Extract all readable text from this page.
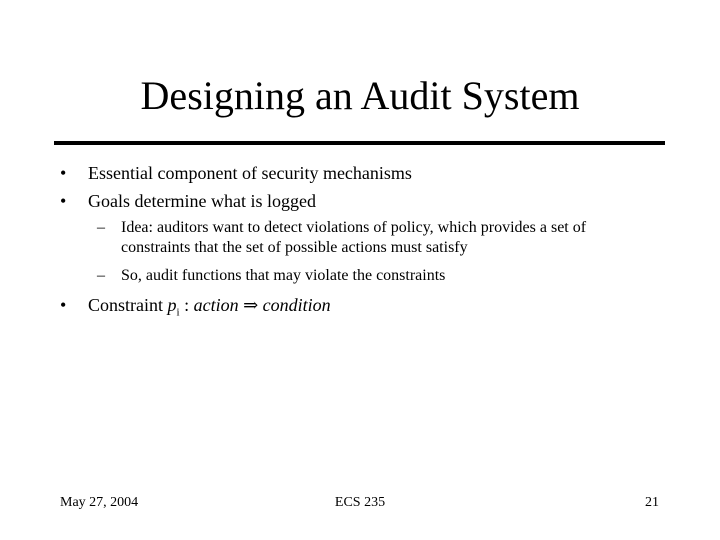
Designing an Audit System
• Essential component of security mechanisms
• Goals determine what is logged
– Idea: auditors want to detect violations of policy, which provides a set of constraints that the set of possible actions must satisfy
– So, audit functions that may violate the constraints
• Constraint $p_i$ : action ⇒ condition
May 27, 2004	ECS 235	21
